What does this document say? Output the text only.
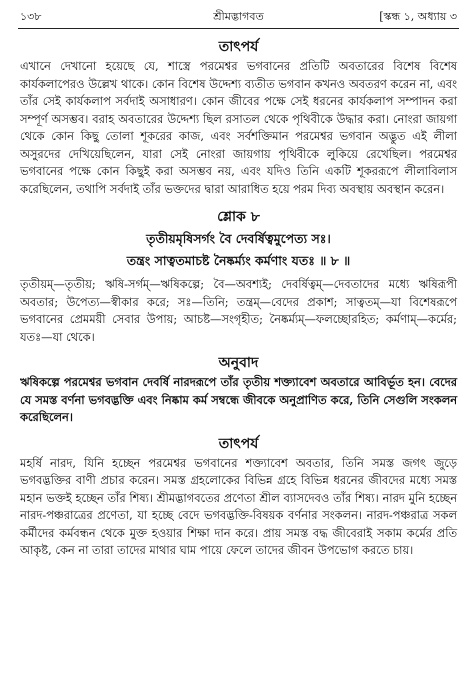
১৩৮	শ্রীমদ্ভাগবত	[স্কন্ধ ১, অধ্যায় ৩
তাৎপর্য

এখানে দেখানো হয়েছে যে, শাস্ত্রে পরমেশ্বর ভগবানের প্রতিটি অবতারের বিশেষ বিশেষ কার্যকলাপেরও উল্লেখ থাকে। কোন বিশেষ উদ্দেশ্য ব্যতীত ভগবান কখনও অবতরণ করেন না, এবং তাঁর সেই কার্যকলাপ সর্বদাই অসাধারণ। কোন জীবের পক্ষে সেই ধরনের কার্যকলাপ সম্পাদন করা সম্পূর্ণ অসম্ভব। বরাহ অবতারের উদ্দেশ্য ছিল রসাতল থেকে পৃথিবীকে উদ্ধার করা। নোংরা জায়গা থেকে কোন কিছু তোলা শূকরের কাজ, এবং সর্বশক্তিমান পরমেশ্বর ভগবান অদ্ভুত এই লীলা অসুরদের দেখিয়েছিলেন, যারা সেই নোংরা জায়গায় পৃথিবীকে লুকিয়ে রেখেছিল। পরমেশ্বর ভগবানের পক্ষে কোন কিছুই করা অসম্ভব নয়, এবং যদিও তিনি একটি শূকররূপে লীলাবিলাস করেছিলেন, তথাপি সর্বদাই তাঁর ভক্তদের দ্বারা আরাধিত হয়ে পরম দিব্য অবস্থায় অবস্থান করেন।

শ্লোক ৮
তৃতীয়মৃষিসর্গং বৈ দেবর্ষিত্বমুপেত্য সঃ।
তন্ত্রং সাত্বতমাচষ্ট নৈষ্কর্ম্যং কর্মণাং যতঃ ॥ ৮ ॥

তৃতীয়ম্—তৃতীয়; ঋষি-সর্গম্—ঋষিকল্পে; বৈ—অবশ্যই; দেবর্ষিত্বম্—দেবতাদের মধ্যে ঋষিরূপী অবতার; উপেত্য—স্বীকার করে; সঃ—তিনি; তন্ত্রম্—বেদের প্রকাশ; সাত্বতম্—যা বিশেষরূপে ভগবানের প্রেমময়ী সেবার উপায়; আচষ্ট—সংগৃহীত; নৈষ্কর্ম্যম্—ফলচ্ছোরহিত; কর্মণাম্—কর্মের; যতঃ—যা থেকে।

অনুবাদ

ঋষিকল্পে পরমেশ্বর ভগবান দেবর্ষি নারদরূপে তাঁর তৃতীয় শক্ত্যাবেশ অবতারে আবির্ভূত হন। বেদের যে সমস্ত বর্ণনা ভগবদ্ভক্তি এবং নিষ্কাম কর্ম সম্বন্ধে জীবকে অনুপ্রাণিত করে, তিনি সেগুলি সংকলন করেছিলেন।

তাৎপর্য

মহর্ষি নারদ, যিনি হচ্ছেন পরমেশ্বর ভগবানের শক্ত্যাবেশ অবতার, তিনি সমস্ত জগৎ জুড়ে ভগবদ্ভক্তির বাণী প্রচার করেন। সমস্ত গ্রহলোকের বিভিন্ন গ্রহে বিভিন্ন ধরনের জীবদের মধ্যে সমস্ত মহান ভক্তই হচ্ছেন তাঁর শিষ্য। শ্রীমদ্ভাগবতের প্রণেতা শ্রীল ব্যাসদেবও তাঁর শিষ্য। নারদ মুনি হচ্ছেন নারদ-পঞ্চরাত্রের প্রণেতা, যা হচ্ছে বেদে ভগবদ্ভক্তি-বিষয়ক বর্ণনার সংকলন। নারদ-পঞ্চরাত্র সকল কর্মীদের কর্মবন্ধন থেকে মুক্ত হওয়ার শিক্ষা দান করে। প্রায় সমস্ত বদ্ধ জীবেরাই সকাম কর্মের প্রতি আকৃষ্ট, কেন না তারা তাদের মাথার ঘাম পায়ে ফেলে তাদের জীবন উপভোগ করতে চায়।
